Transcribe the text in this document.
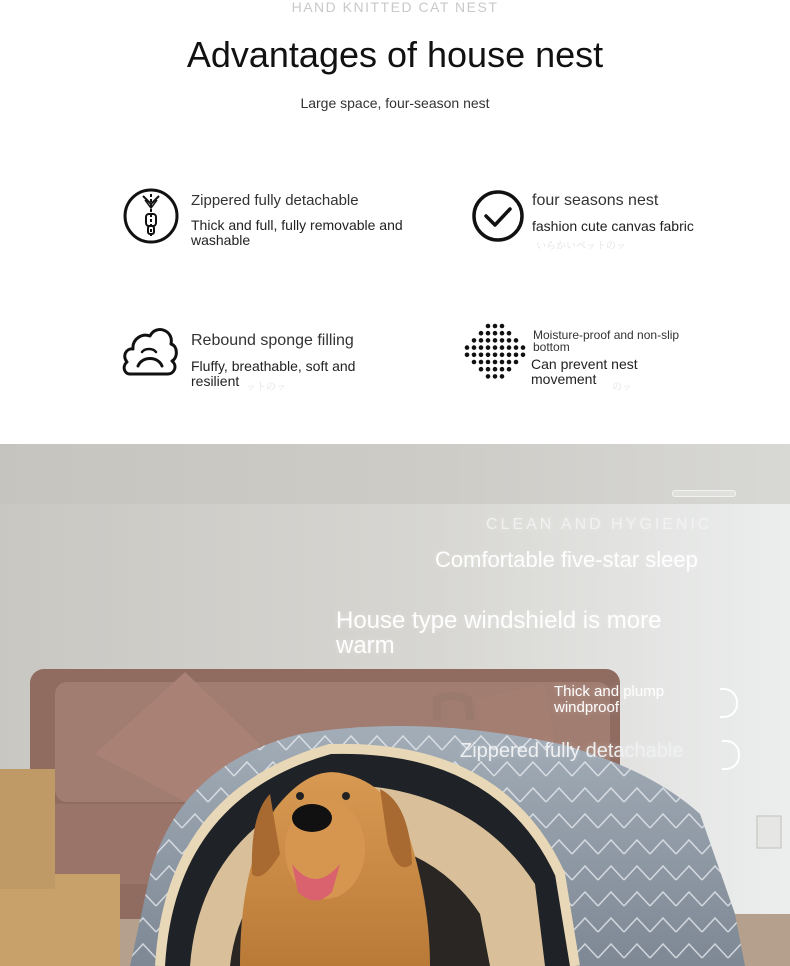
HAND KNITTED CAT NEST
Advantages of house nest
Large space, four-season nest
Zippered fully detachable
Thick and full, fully removable and washable
four seasons nest
fashion cute canvas fabric
いらかいペットのッ
Rebound sponge filling
Fluffy, breathable, soft and resilient ットのッ
Moisture-proof and non-slip bottom
Can prevent nest movement
のッ
CLEAN AND HYGIENIC
Comfortable five-star sleep
House type windshield is more warm
Thick and plump windproof
Zippered fully detachable
